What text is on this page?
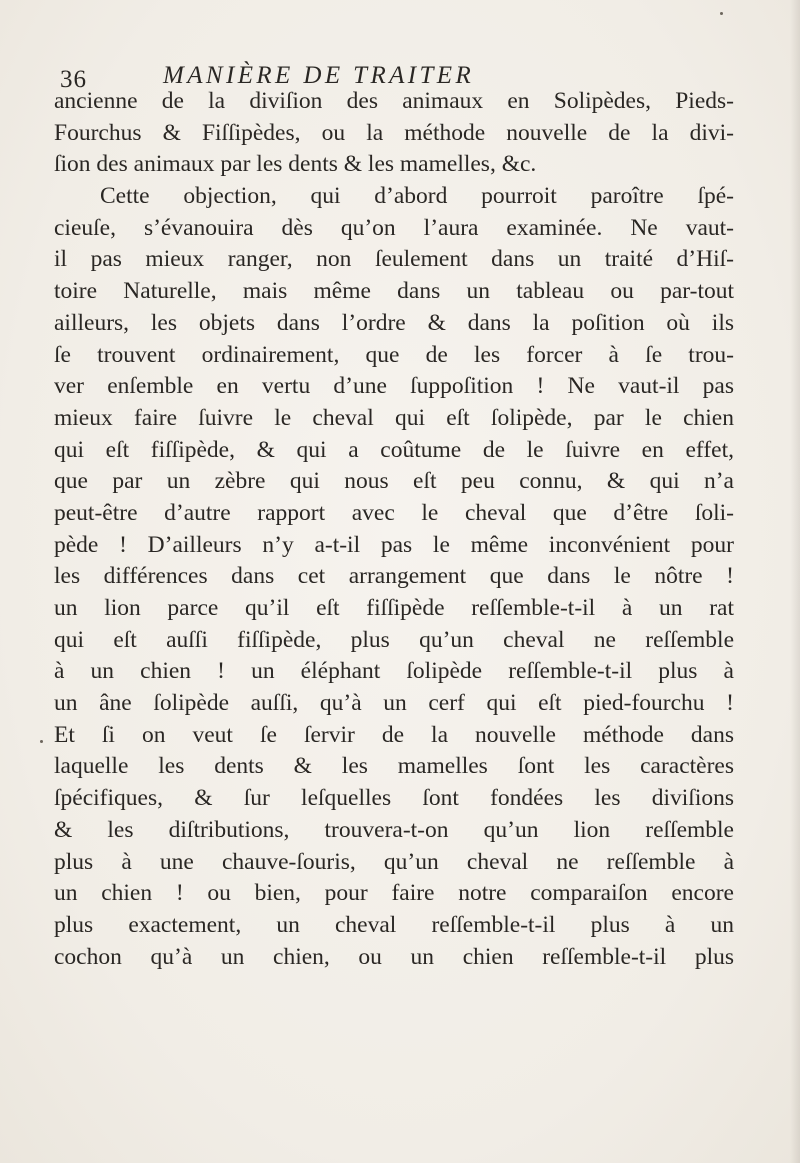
36	MANIÈRE DE TRAITER
ancienne de la diviſion des animaux en Solipèdes, Pieds-
Fourchus & Fiſſipèdes, ou la méthode nouvelle de la divi-
ſion des animaux par les dents & les mamelles, &c.
Cette objection, qui d’abord pourroit paroître ſpé-
cieuſe, s’évanouira dès qu’on l’aura examinée. Ne vaut-
il pas mieux ranger, non ſeulement dans un traité d’Hiſ-
toire Naturelle, mais même dans un tableau ou par-tout
ailleurs, les objets dans l’ordre & dans la poſition où ils
ſe trouvent ordinairement, que de les forcer à ſe trou-
ver enſemble en vertu d’une ſuppoſition ! Ne vaut-il pas
mieux faire ſuivre le cheval qui eſt ſolipède, par le chien
qui eſt fiſſipède, & qui a coûtume de le ſuivre en effet,
que par un zèbre qui nous eſt peu connu, & qui n’a
peut-être d’autre rapport avec le cheval que d’être ſoli-
pède ! D’ailleurs n’y a-t-il pas le même inconvénient pour
les différences dans cet arrangement que dans le nôtre !
un lion parce qu’il eſt fiſſipède reſſemble-t-il à un rat
qui eſt auſſi fiſſipède, plus qu’un cheval ne reſſemble
à un chien ! un éléphant ſolipède reſſemble-t-il plus à
un âne ſolipède auſſi, qu’à un cerf qui eſt pied-fourchu !
Et ſi on veut ſe ſervir de la nouvelle méthode dans
laquelle les dents & les mamelles ſont les caractères
ſpécifiques, & ſur leſquelles ſont fondées les diviſions
& les diſtributions, trouvera-t-on qu’un lion reſſemble
plus à une chauve-ſouris, qu’un cheval ne reſſemble à
un chien ! ou bien, pour faire notre comparaiſon encore
plus exactement, un cheval reſſemble-t-il plus à un
cochon qu’à un chien, ou un chien reſſemble-t-il plus
